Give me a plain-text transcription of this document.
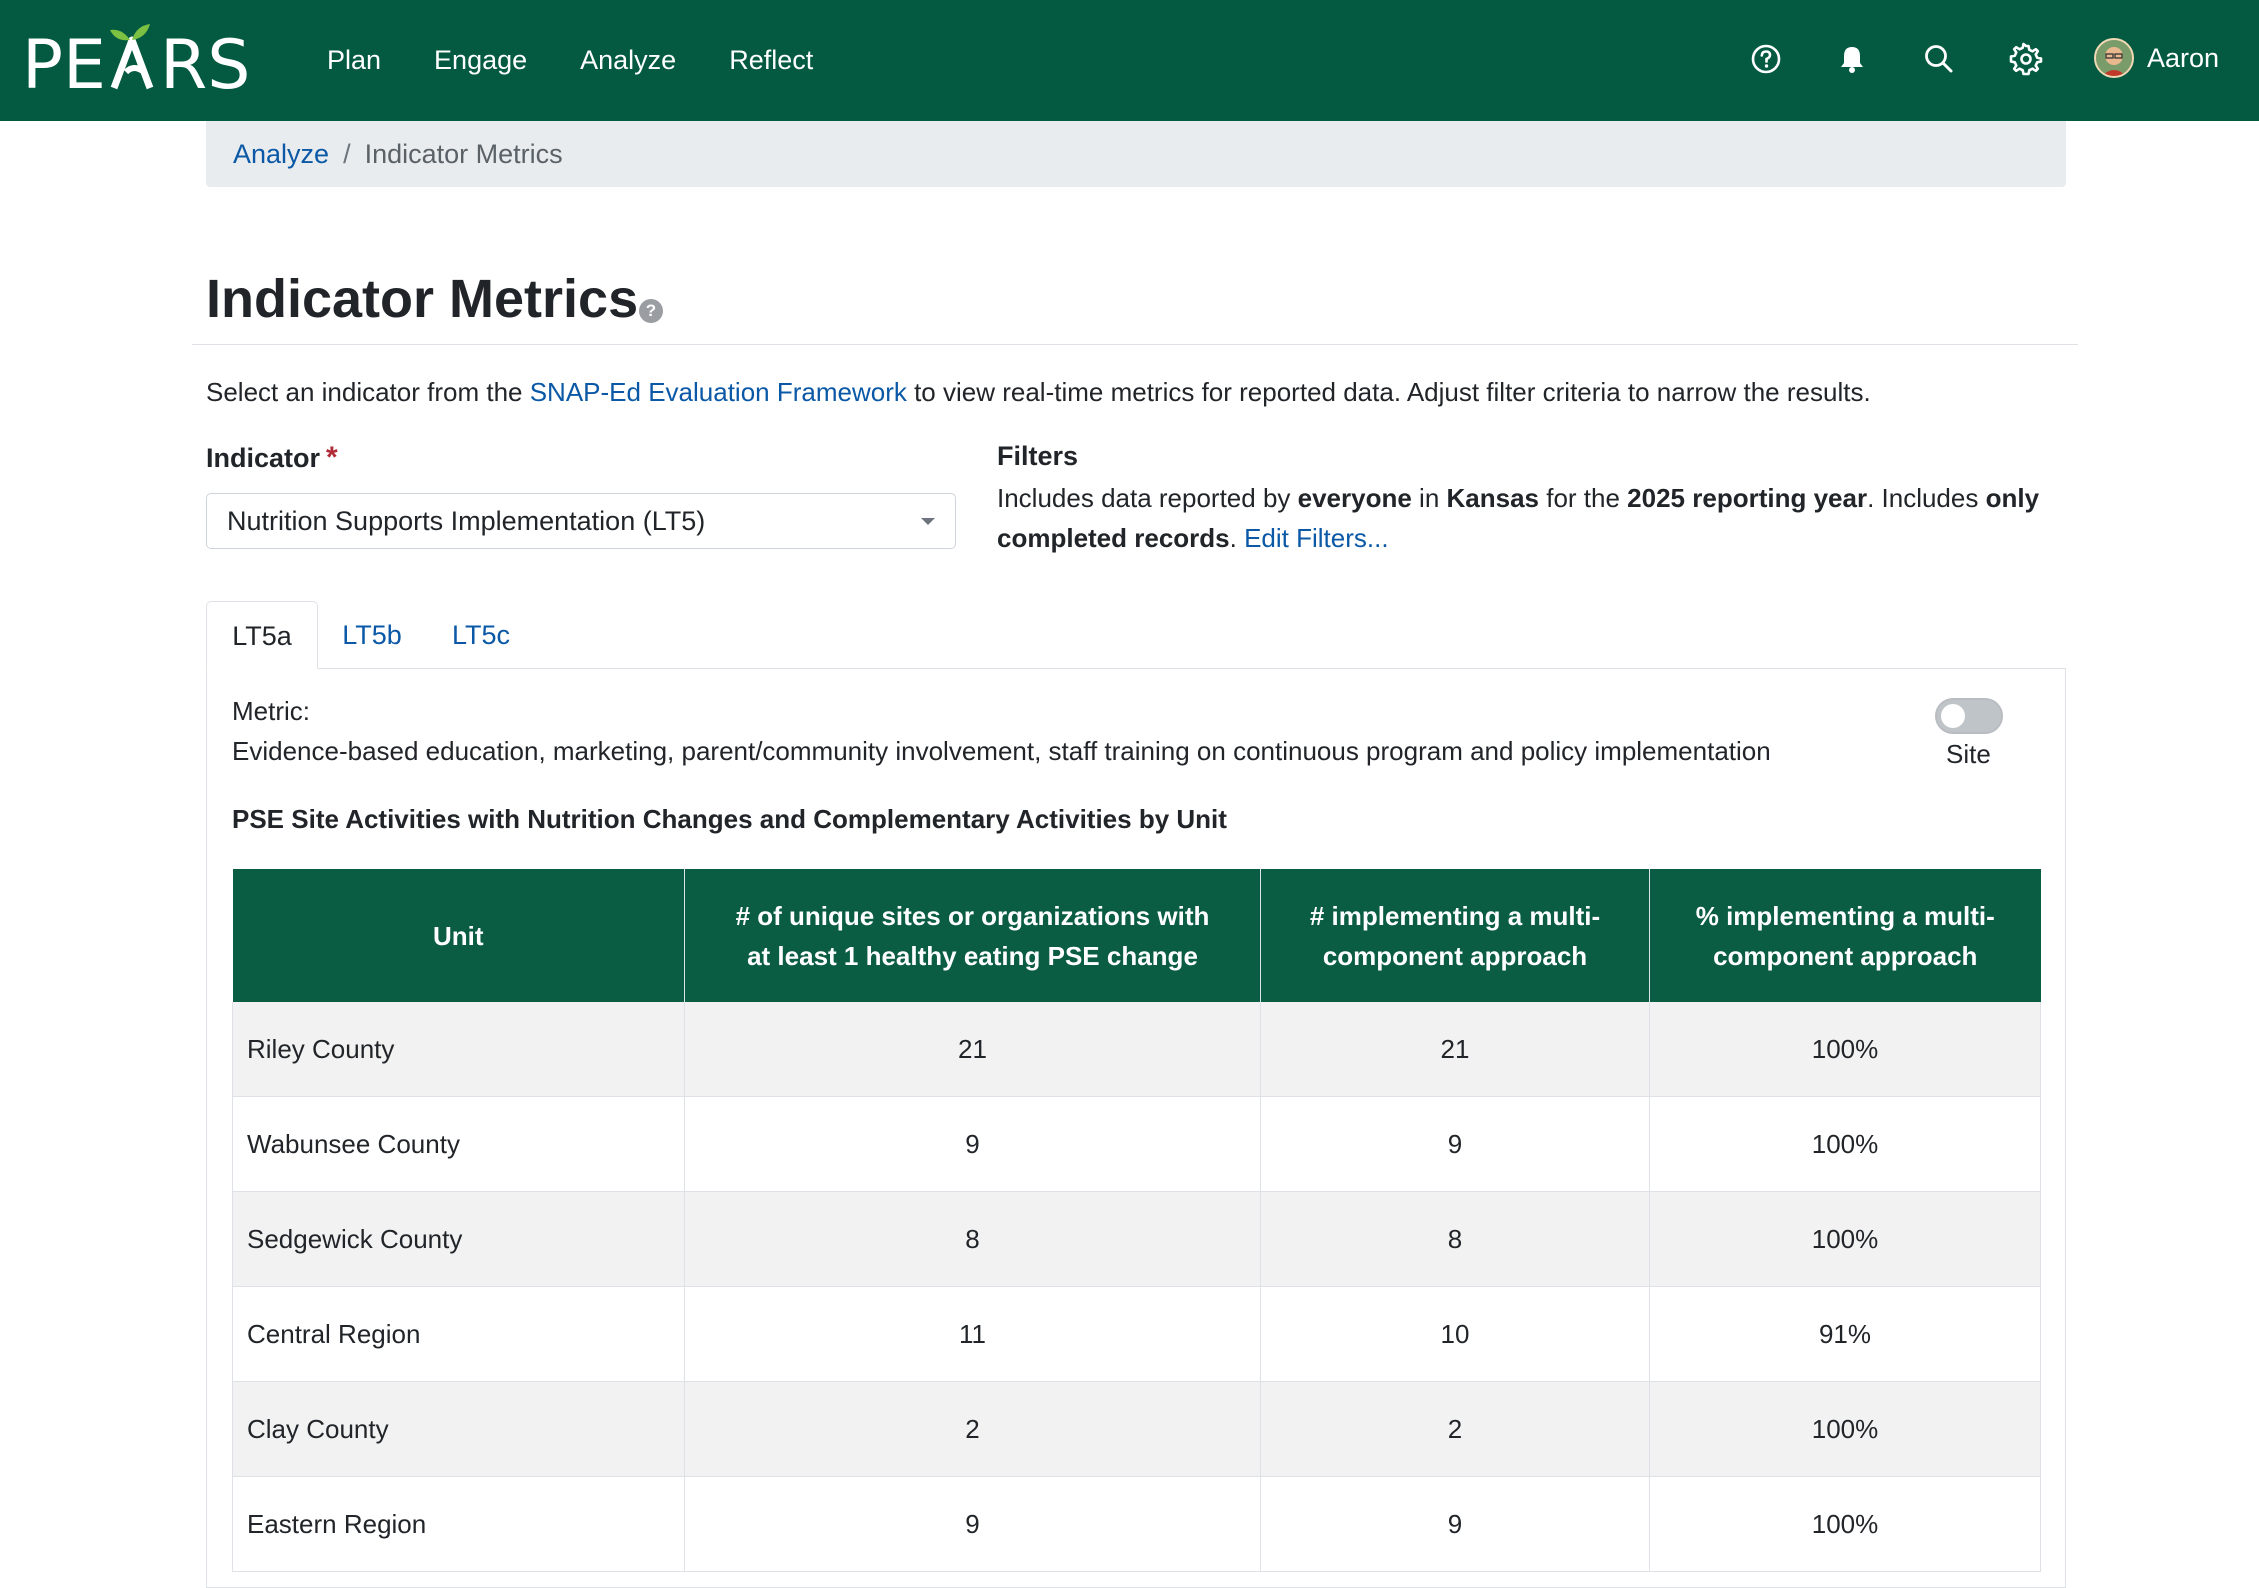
PE RS	Plan Engage Analyze Reflect	Aaron
Analyze / Indicator Metrics
Indicator Metrics ?
Select an indicator from the SNAP-Ed Evaluation Framework to view real-time metrics for reported data. Adjust filter criteria to narrow the results.
Indicator *
Nutrition Supports Implementation (LT5)
Filters
Includes data reported by everyone in Kansas for the 2025 reporting year. Includes only completed records. Edit Filters...
LT5a	LT5b	LT5c
Metric:
Evidence-based education, marketing, parent/community involvement, staff training on continuous program and policy implementation	Site
PSE Site Activities with Nutrition Changes and Complementary Activities by Unit
Unit	# of unique sites or organizations with at least 1 healthy eating PSE change	# implementing a multi-component approach	% implementing a multi-component approach
Riley County	21	21	100%
Wabunsee County	9	9	100%
Sedgewick County	8	8	100%
Central Region	11	10	91%
Clay County	2	2	100%
Eastern Region	9	9	100%
